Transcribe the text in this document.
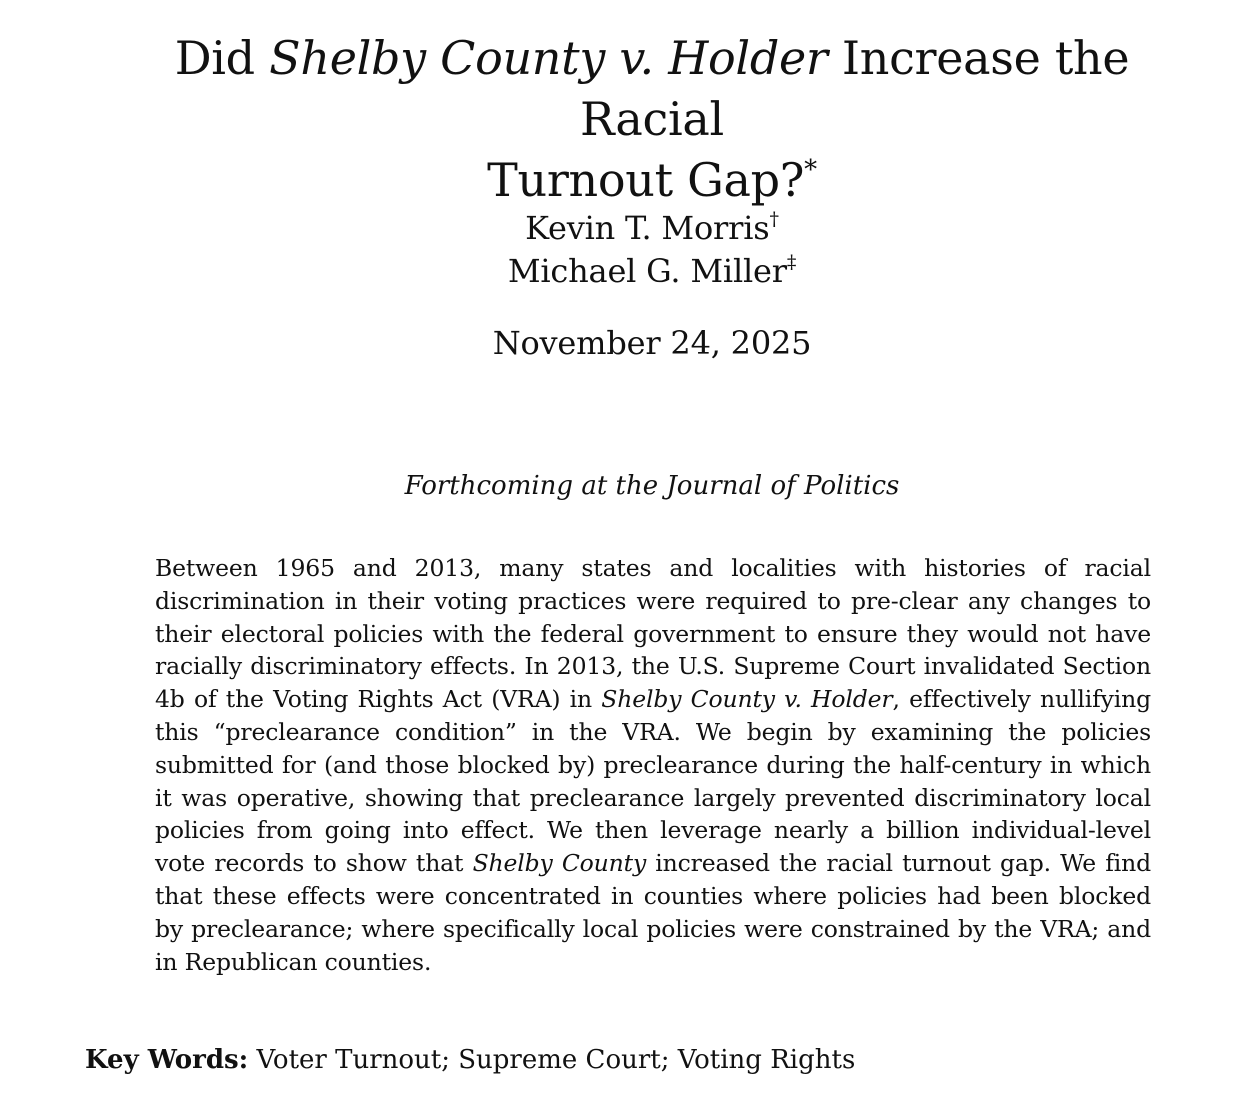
Did Shelby County v. Holder Increase the Racial
Turnout Gap?*
Kevin T. Morris†
Michael G. Miller‡
November 24, 2025
Forthcoming at the Journal of Politics

Between 1965 and 2013, many states and localities with histories of racial discrimination in their voting practices were required to pre-clear any changes to their electoral policies with the federal government to ensure they would not have racially discriminatory effects. In 2013, the U.S. Supreme Court invalidated Section 4b of the Voting Rights Act (VRA) in Shelby County v. Holder, effectively nullifying this “preclearance condition” in the VRA. We begin by examining the policies submitted for (and those blocked by) preclearance during the half-century in which it was operative, showing that preclearance largely prevented discriminatory local policies from going into effect. We then leverage nearly a billion individual-level vote records to show that Shelby County increased the racial turnout gap. We find that these effects were concentrated in counties where policies had been blocked by preclearance; where specifically local policies were constrained by the VRA; and in Republican counties.

Key Words: Voter Turnout; Supreme Court; Voting Rights
